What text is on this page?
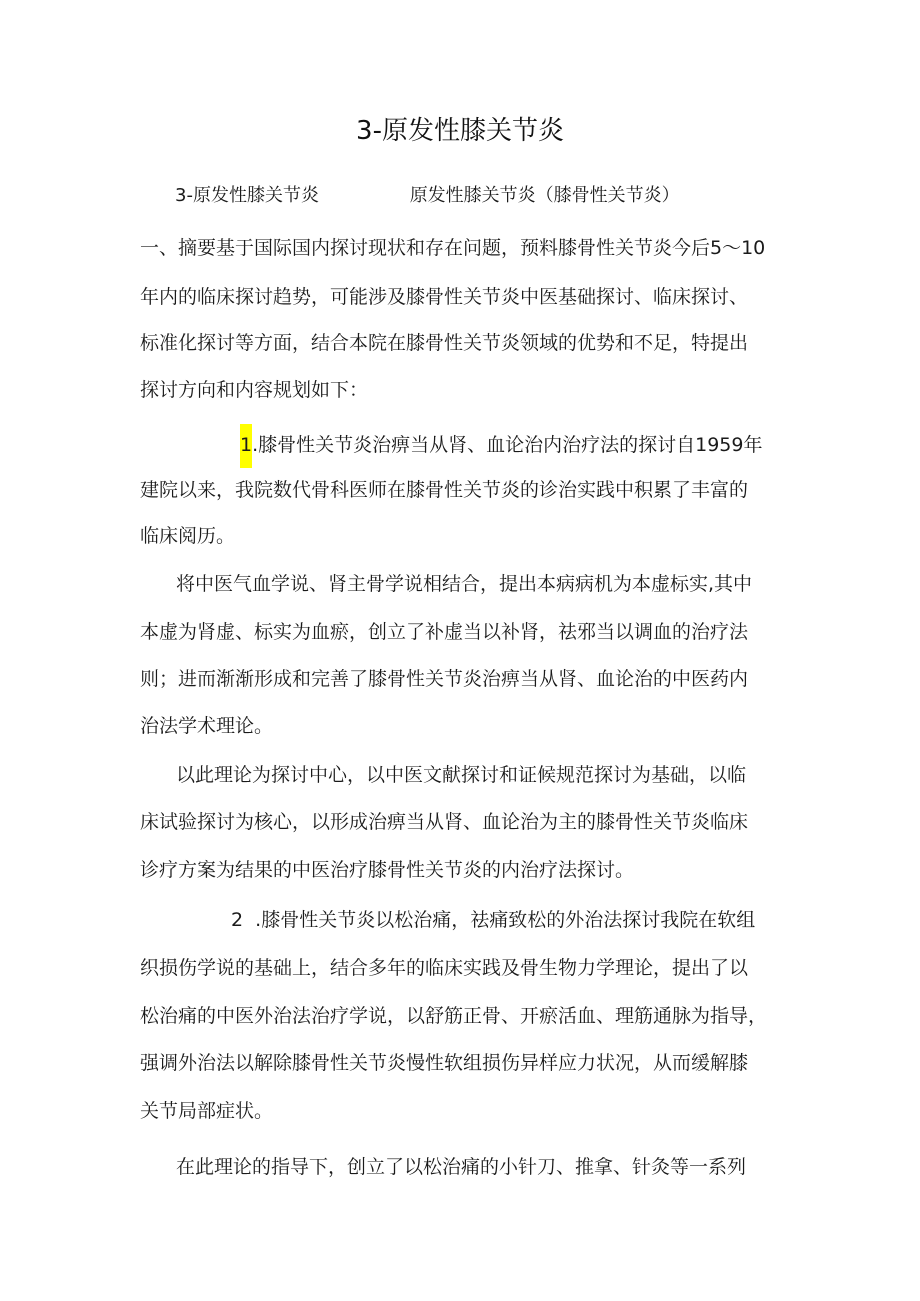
3-原发性膝关节炎
3-原发性膝关节炎	原发性膝关节炎（膝骨性关节炎）
一、摘要基于国际国内探讨现状和存在问题，预料膝骨性关节炎今后5〜10
年内的临床探讨趋势，可能涉及膝骨性关节炎中医基础探讨、临床探讨、
标准化探讨等方面，结合本院在膝骨性关节炎领域的优势和不足，特提出
探讨方向和内容规划如下：
1.膝骨性关节炎治痹当从肾、血论治内治疗法的探讨自1959年
建院以来，我院数代骨科医师在膝骨性关节炎的诊治实践中积累了丰富的
临床阅历。
将中医气血学说、肾主骨学说相结合，提出本病病机为本虚标实,其中
本虚为肾虚、标实为血瘀，创立了补虚当以补肾，祛邪当以调血的治疗法
则；进而渐渐形成和完善了膝骨性关节炎治痹当从肾、血论治的中医药内
治法学术理论。
以此理论为探讨中心，以中医文献探讨和证候规范探讨为基础，以临
床试验探讨为核心，以形成治痹当从肾、血论治为主的膝骨性关节炎临床
诊疗方案为结果的中医治疗膝骨性关节炎的内治疗法探讨。
2  .膝骨性关节炎以松治痛，祛痛致松的外治法探讨我院在软组
织损伤学说的基础上，结合多年的临床实践及骨生物力学理论，提出了以
松治痛的中医外治法治疗学说，以舒筋正骨、开瘀活血、理筋通脉为指导，
强调外治法以解除膝骨性关节炎慢性软组损伤异样应力状况，从而缓解膝
关节局部症状。
在此理论的指导下，创立了以松治痛的小针刀、推拿、针灸等一系列
